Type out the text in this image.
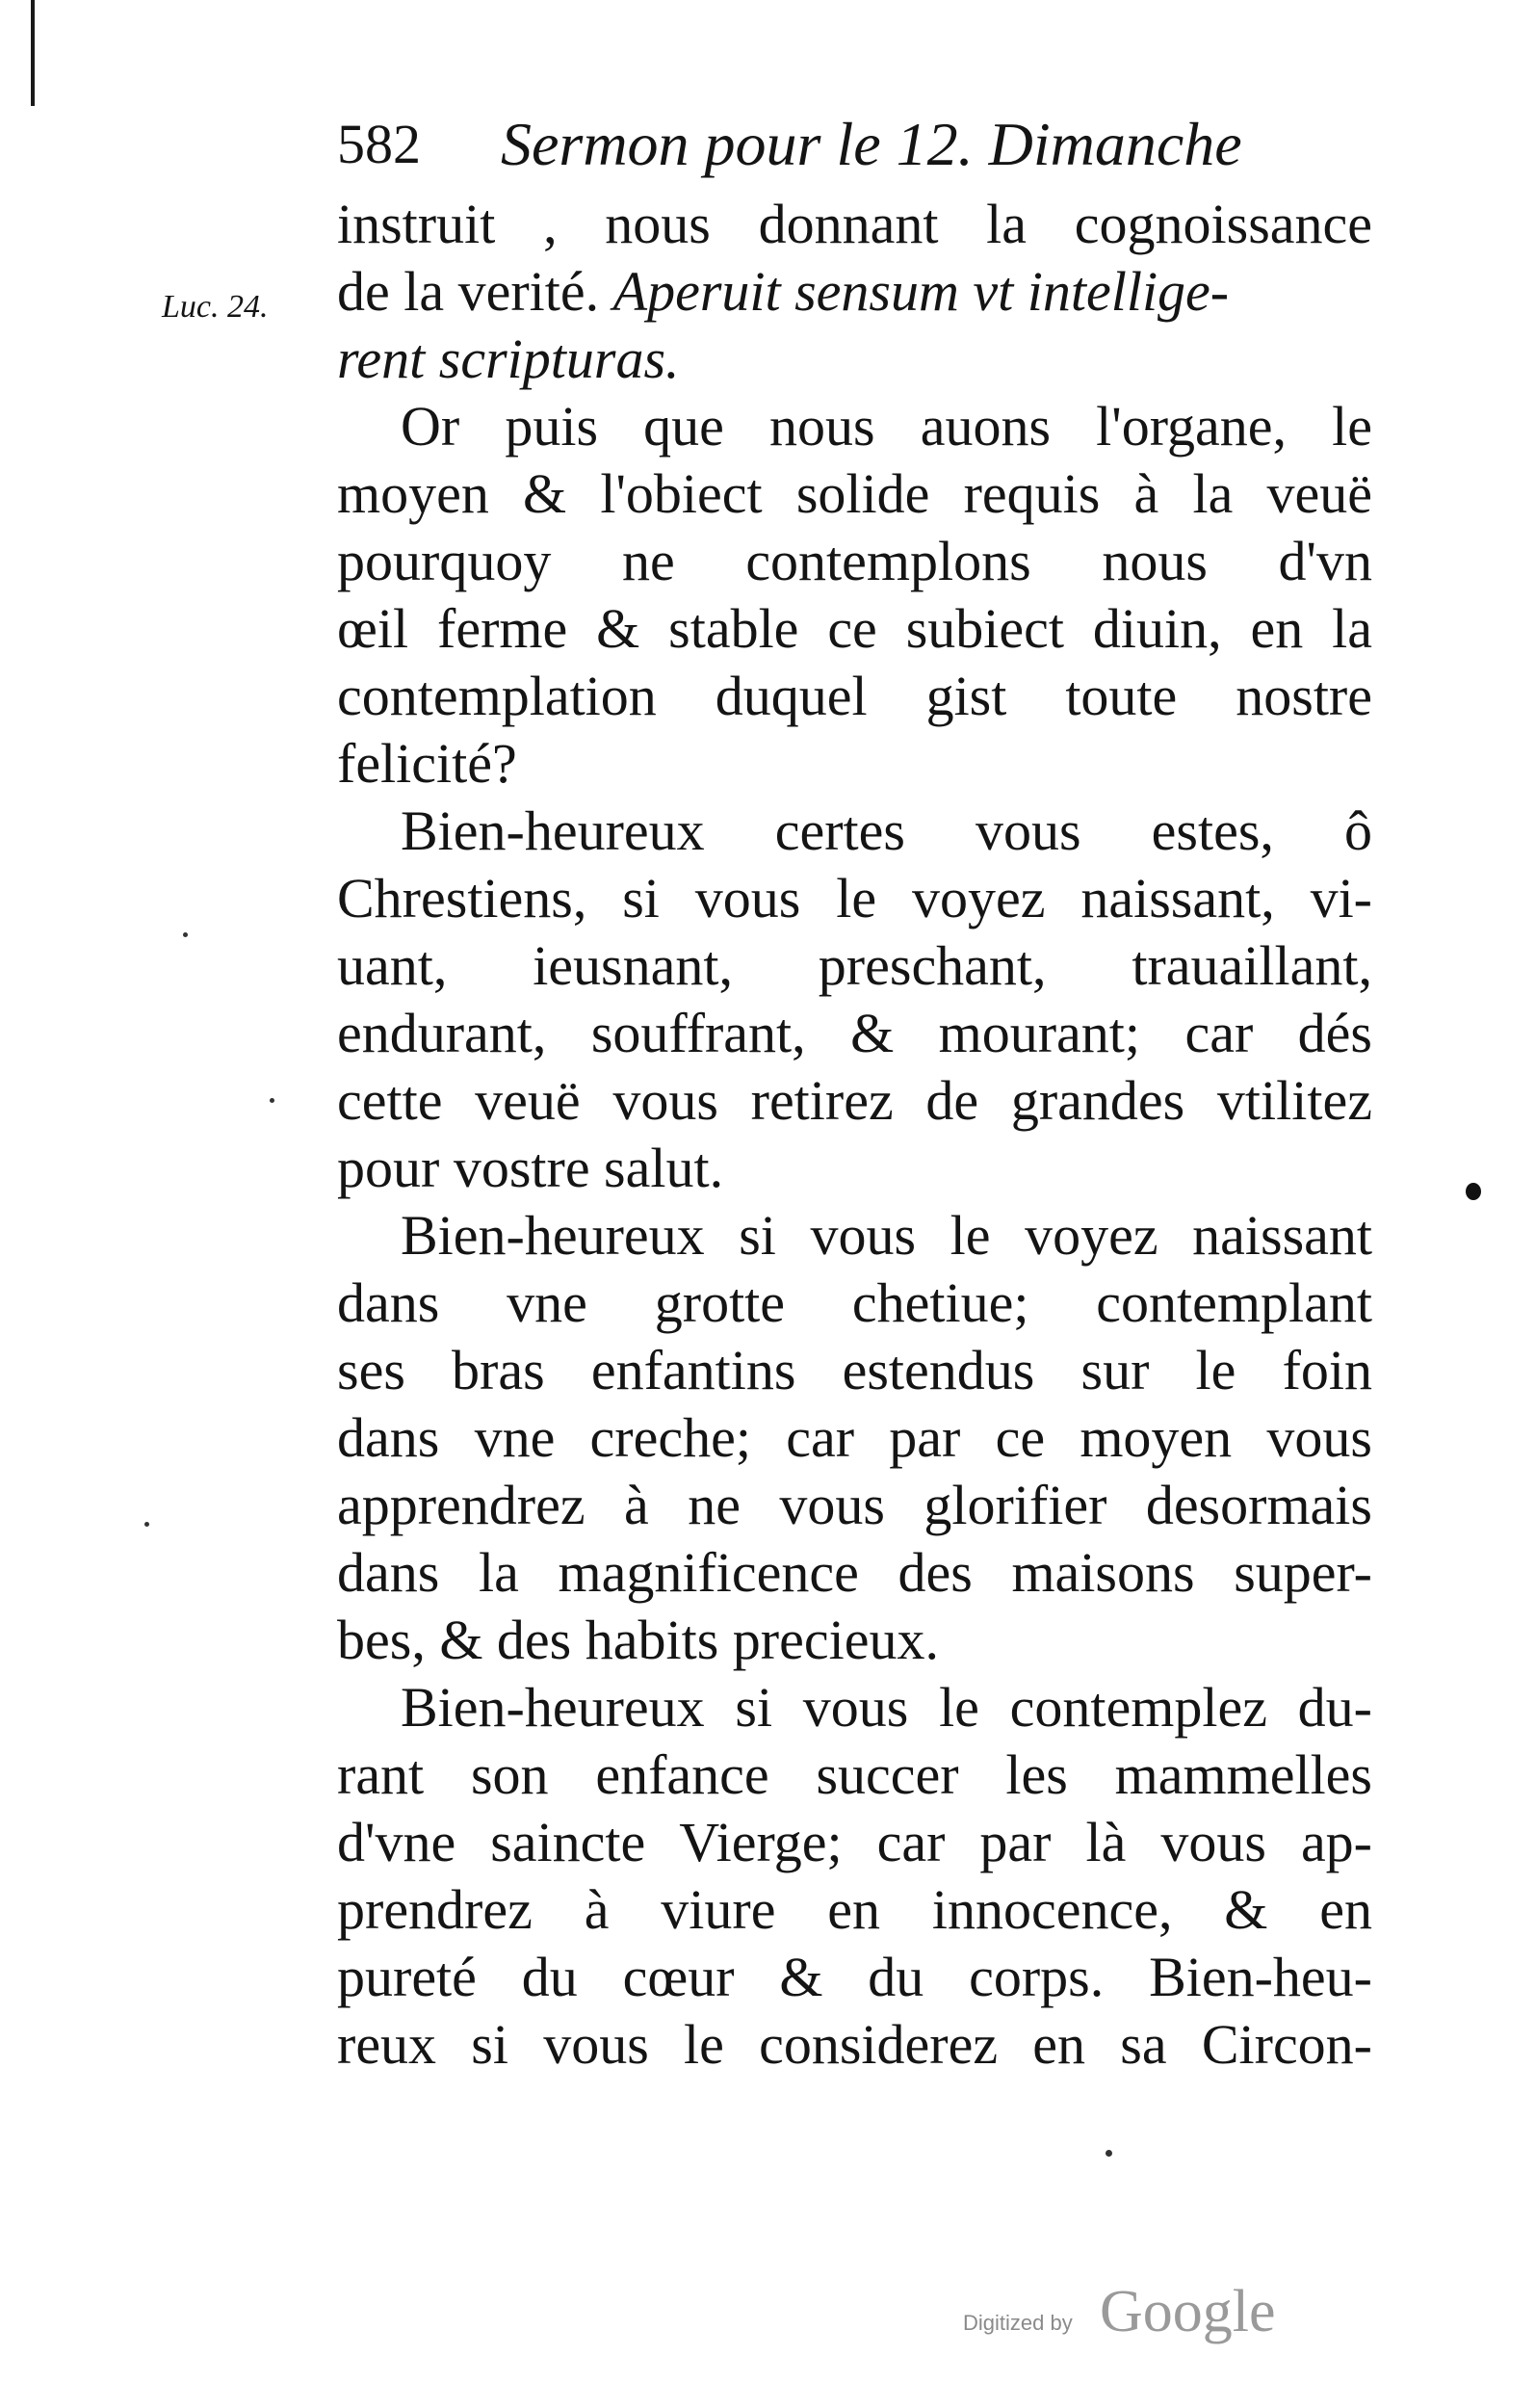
582 Sermon pour le 12. Dimanche
Luc. 24.
instruit , nous donnant la cognoissance
de la verité. Aperuit sensum vt intellige-
rent scripturas.
Or puis que nous auons l'organe, le
moyen & l'obiect solide requis à la veuë
pourquoy ne contemplons nous d'vn
œil ferme & stable ce subiect diuin, en la
contemplation duquel gist toute nostre
felicité?
Bien-heureux certes vous estes, ô
Chrestiens, si vous le voyez naissant, vi-
uant, ieusnant, preschant, trauaillant,
endurant, souffrant, & mourant; car dés
cette veuë vous retirez de grandes vtilitez
pour vostre salut.
Bien-heureux si vous le voyez naissant
dans vne grotte chetiue; contemplant
ses bras enfantins estendus sur le foin
dans vne creche; car par ce moyen vous
apprendrez à ne vous glorifier desormais
dans la magnificence des maisons super-
bes, & des habits precieux.
Bien-heureux si vous le contemplez du-
rant son enfance succer les mammelles
d'vne saincte Vierge; car par là vous ap-
prendrez à viure en innocence, & en
pureté du cœur & du corps. Bien-heu-
reux si vous le considerez en sa Circon-
Digitized by Google
